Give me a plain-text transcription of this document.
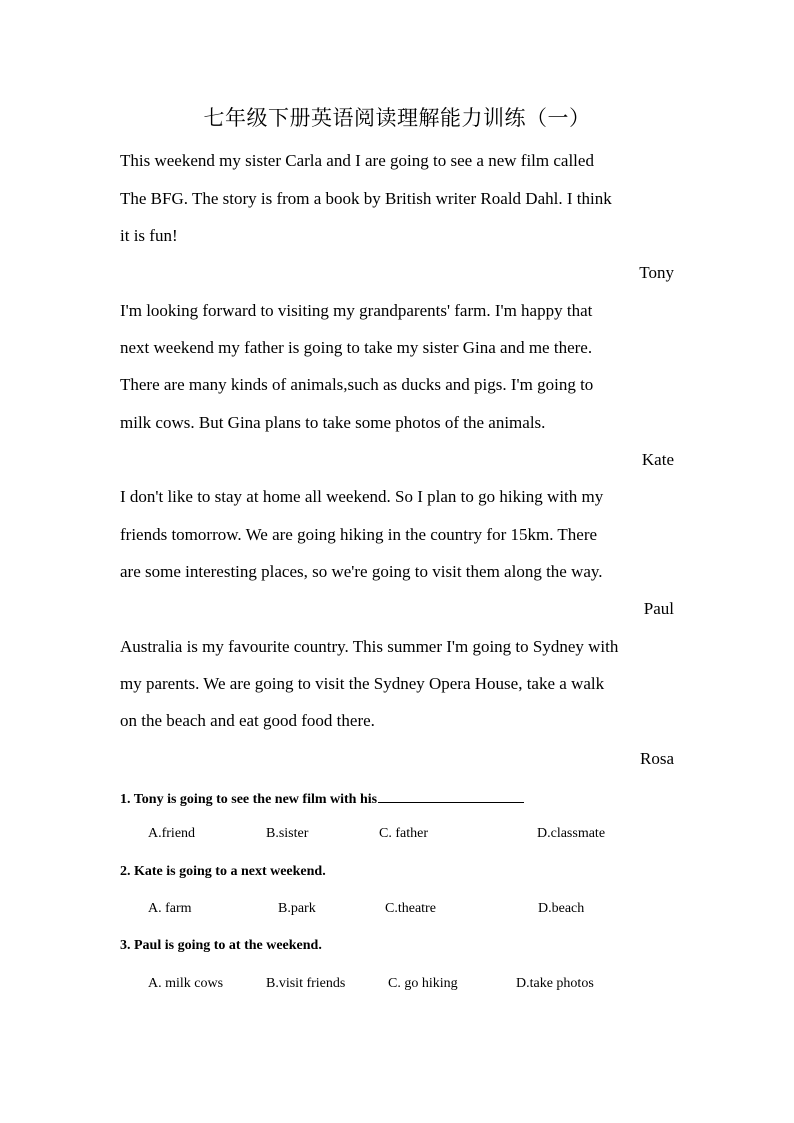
七年级下册英语阅读理解能力训练（一）
This weekend my sister Carla and I are going to see a new film called
The BFG. The story is from a book by British writer Roald Dahl. I think
it is fun!
Tony
I'm looking forward to visiting my grandparents' farm. I'm happy that
next weekend my father is going to take my sister Gina and me there.
There are many kinds of animals,such as ducks and pigs. I'm going to
milk cows. But Gina plans to take some photos of the animals.
Kate
I don't like to stay at home all weekend. So I plan to go hiking with my
friends tomorrow. We are going hiking in the country for 15km. There
are some interesting places, so we're going to visit them along the way.
Paul
Australia is my favourite country. This summer I'm going to Sydney with
my parents. We are going to visit the Sydney Opera House, take a walk
on the beach and eat good food there.
Rosa
1. Tony is going to see the new film with his
A.friend	B.sister	C. father	D.classmate
2. Kate is going to a next weekend.
A. farm	B.park	C.theatre	D.beach
3. Paul is going to at the weekend.
A. milk cows	B.visit friends	C. go hiking	D.take photos
